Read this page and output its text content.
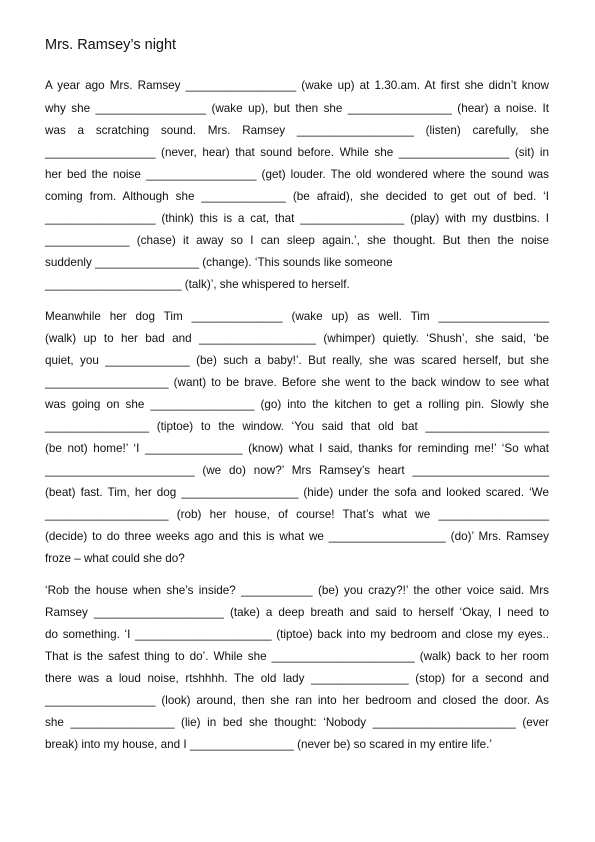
Mrs. Ramsey’s night
A year ago Mrs. Ramsey _________________ (wake up) at 1.30.am. At first she didn’t know
why she _________________ (wake up), but then she ________________ (hear) a noise. It
was a scratching sound. Mrs. Ramsey __________________ (listen) carefully, she
_________________ (never, hear) that sound before. While she _________________ (sit) in
her bed the noise _________________ (get) louder. The old wondered where the sound was
coming from. Although she _____________ (be afraid), she decided to get out of bed. ‘I
_________________ (think) this is a cat, that ________________ (play) with my dustbins. I
_____________ (chase) it away so I can sleep again.’, she thought. But then the noise
suddenly ________________ (change). ‘This sounds like someone
_____________________ (talk)’, she whispered to herself.
Meanwhile her dog Tim ______________ (wake up) as well. Tim _________________
(walk) up to her bad and __________________ (whimper) quietly. ‘Shush’, she said, ‘be
quiet, you _____________ (be) such a baby!’. But really, she was scared herself, but she
___________________ (want) to be brave. Before she went to the back window to see what
was going on she ________________ (go) into the kitchen to get a rolling pin. Slowly she
________________ (tiptoe) to the window. ‘You said that old bat ___________________
(be not) home!’ ‘I _______________ (know) what I said, thanks for reminding me!’ ‘So what
_______________________ (we do) now?’ Mrs Ramsey’s heart _____________________
(beat) fast. Tim, her dog __________________ (hide) under the sofa and looked scared. ‘We
___________________ (rob) her house, of course! That’s what we _________________
(decide) to do three weeks ago and this is what we __________________ (do)’ Mrs. Ramsey
froze – what could she do?
‘Rob the house when she’s inside? ___________ (be) you crazy?!’ the other voice said. Mrs
Ramsey ____________________ (take) a deep breath and said to herself ‘Okay, I need to
do something. ‘I _____________________ (tiptoe) back into my bedroom and close my eyes..
That is the safest thing to do’. While she ______________________ (walk) back to her room
there was a loud noise, rtshhhh. The old lady _______________ (stop) for a second and
_________________ (look) around, then she ran into her bedroom and closed the door. As
she ________________ (lie) in bed she thought: ‘Nobody ______________________ (ever
break) into my house, and I ________________ (never be) so scared in my entire life.’
